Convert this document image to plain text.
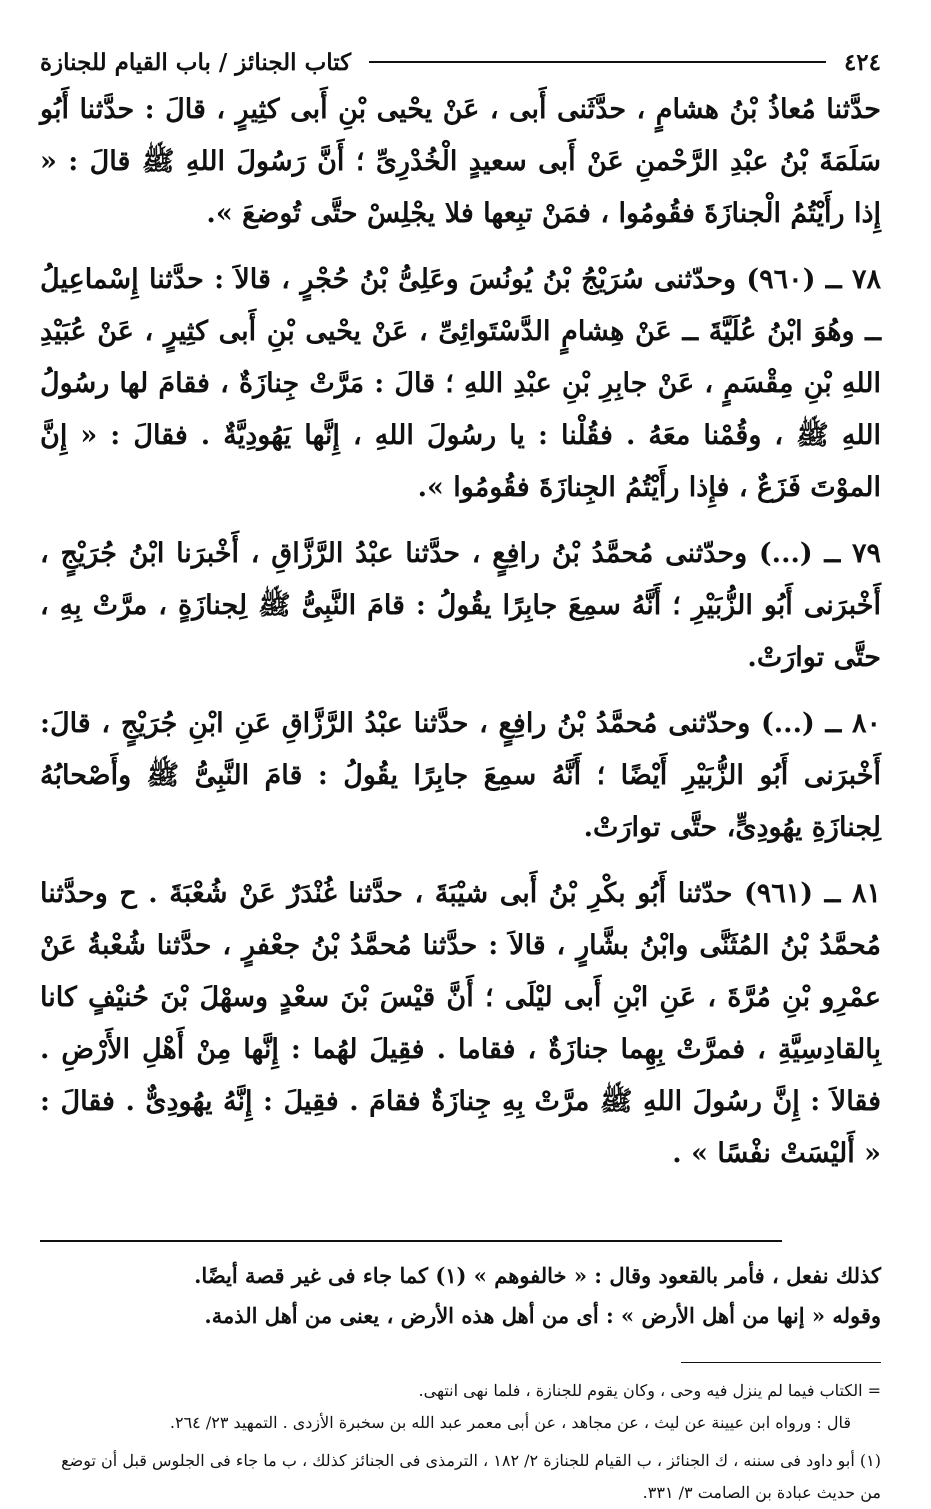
٤٢٤
كتاب الجنائز / باب القيام للجنازة

حدَّثنا مُعاذُ بْنُ هشامٍ ، حدَّثَنى أَبى ، عَنْ يحْيى بْنِ أَبى كثِيرٍ ، قالَ : حدَّثنا أَبُو سَلَمَةَ بْنُ عبْدِ الرَّحْمنِ عَنْ أَبى سعيدٍ الْخُدْرِىِّ ؛ أَنَّ رَسُولَ اللهِ ﷺ قالَ : « إِذا رأَيْتُمُ الْجنازَةَ فقُومُوا ، فمَنْ تبِعها فلا يجْلِسْ حتَّى تُوضعَ ».

٧٨ ــ (٩٦٠) وحدّثنى سُرَيْجُ بْنُ يُونُسَ وعَلِىُّ بْنُ حُجْرٍ ، قالاَ : حدَّثنا إِسْماعِيلُ ــ وهُوَ ابْنُ عُلَيَّةَ ــ عَنْ هِشامٍ الدَّسْتَوائِىِّ ، عَنْ يحْيى بْنِ أَبى كثِيرٍ ، عَنْ عُبَيْدِ اللهِ بْنِ مِقْسَمٍ ، عَنْ جابِرِ بْنِ عبْدِ اللهِ ؛ قالَ : مَرَّتْ جِنازَةٌ ، فقامَ لها رسُولُ اللهِ ﷺ ، وقُمْنا معَهُ . فقُلْنا : يا رسُولَ اللهِ ، إِنَّها يَهُودِيَّةٌ . فقالَ : « إِنَّ الموْتَ فَزَعٌ ، فإِذا رأَيْتُمُ الجِنازَةَ فقُومُوا ».

٧٩ ــ (...) وحدّثنى مُحمَّدُ بْنُ رافِعٍ ، حدَّثنا عبْدُ الرَّزَّاقِ ، أَخْبرَنا ابْنُ جُرَيْجٍ ، أَخْبرَنى أَبُو الزُّبَيْرِ ؛ أَنَّهُ سمِعَ جابِرًا يقُولُ : قامَ النَّبِىُّ ﷺ لِجنازَةٍ ، مرَّتْ بِهِ ، حتَّى توارَتْ.

٨٠ ــ (...) وحدّثنى مُحمَّدُ بْنُ رافِعٍ ، حدَّثنا عبْدُ الرَّزَّاقِ عَنِ ابْنِ جُرَيْجٍ ، قالَ: أَخْبرَنى أَبُو الزُّبَيْرِ أَيْضًا ؛ أَنَّهُ سمِعَ جابِرًا يقُولُ : قامَ النَّبِىُّ ﷺ وأَصْحابُهُ لِجنازَةِ يهُودِىٍّ، حتَّى توارَتْ.

٨١ ــ (٩٦١) حدّثنا أَبُو بكْرِ بْنُ أَبى شيْبَةَ ، حدَّثنا غُنْدَرٌ عَنْ شُعْبَةَ . ح وحدَّثنا مُحمَّدُ بْنُ المُثَنَّى وابْنُ بشَّارٍ ، قالاَ : حدَّثنا مُحمَّدُ بْنُ جعْفرٍ ، حدَّثنا شُعْبةُ عَنْ عمْرِو بْنِ مُرَّةَ ، عَنِ ابْنِ أَبى ليْلَى ؛ أَنَّ قيْسَ بْنَ سعْدٍ وسهْلَ بْنَ حُنيْفٍ كانا بِالقادِسِيَّةِ ، فمرَّتْ بِهِما جنازَةٌ ، فقاما . فقِيلَ لهُما : إِنَّها مِنْ أَهْلِ الأَرْضِ . فقالاَ : إِنَّ رسُولَ اللهِ ﷺ مرَّتْ بِهِ جِنازَةٌ فقامَ . فقِيلَ : إِنَّهُ يهُودِىٌّ . فقالَ : « أَليْسَتْ نفْسًا » .

كذلك نفعل ، فأمر بالقعود وقال : « خالفوهم » (١) كما جاء فى غير قصة أيضًا.

وقوله « إنها من أهل الأرض » : أى من أهل هذه الأرض ، يعنى من أهل الذمة.

= الكتاب فيما لم ينزل فيه وحى ، وكان يقوم للجنازة ، فلما نهى انتهى.

قال : ورواه ابن عيينة عن ليث ، عن مجاهد ، عن أبى معمر عبد الله بن سخبرة الأزدى . التمهيد ٢٣/ ٢٦٤.

(١) أبو داود فى سننه ، ك الجنائز ، ب القيام للجنازة ٢/ ١٨٢ ، الترمذى فى الجنائز كذلك ، ب ما جاء فى الجلوس قبل أن توضع من حديث عبادة بن الصامت ٣/ ٣٣١.
